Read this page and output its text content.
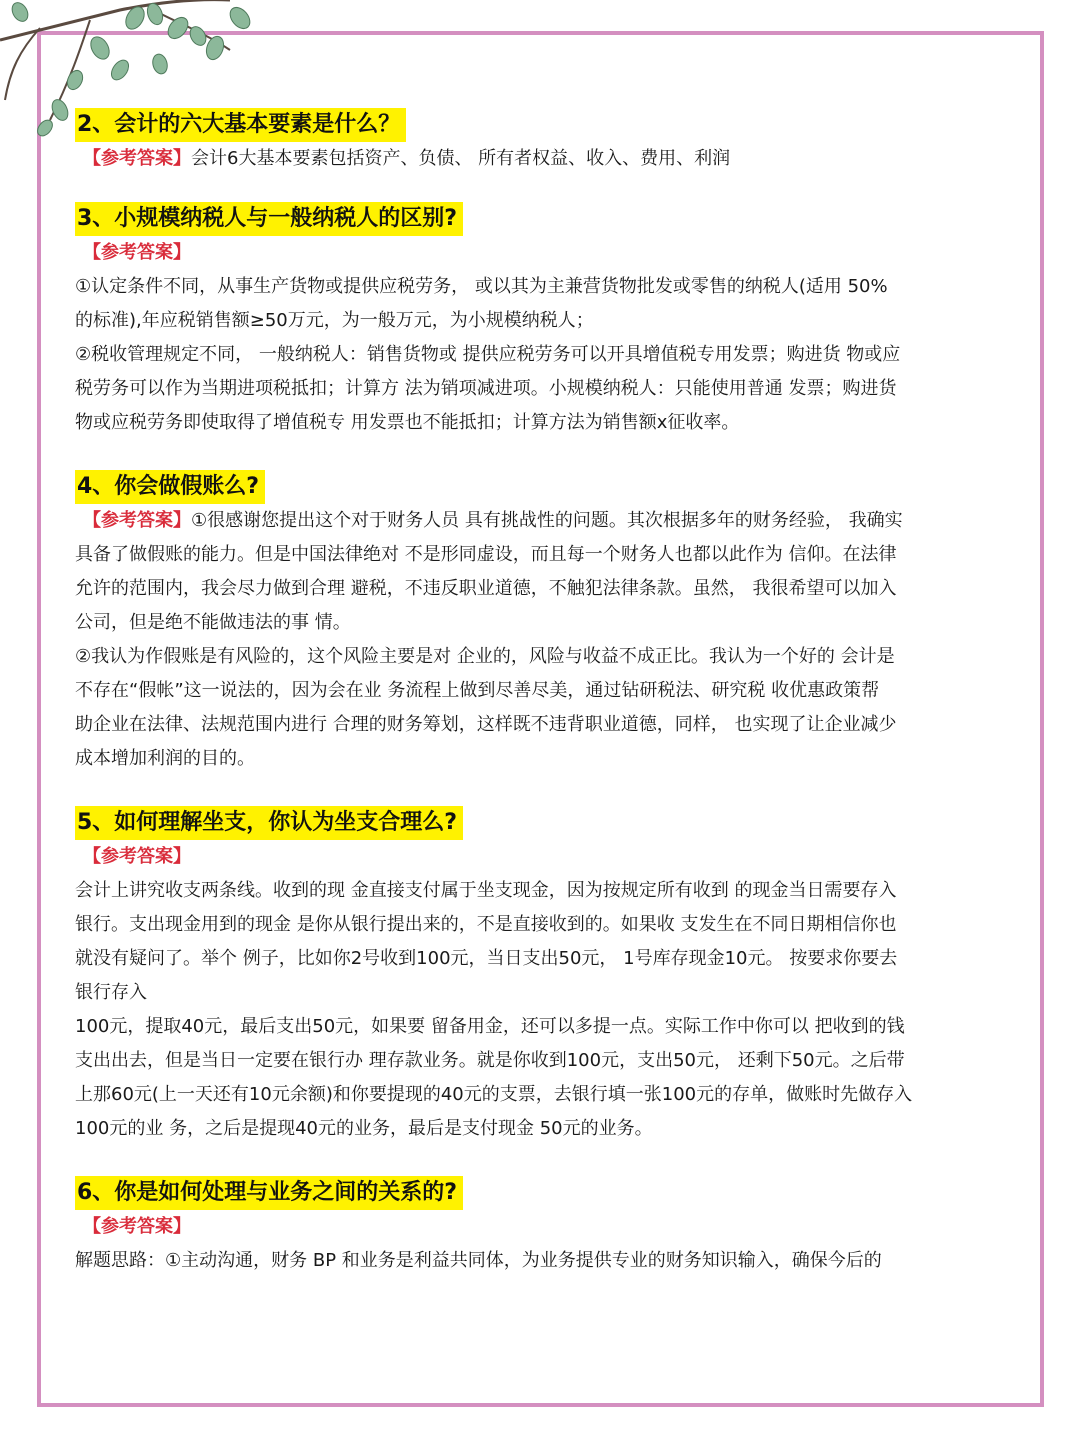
2、会计的六大基本要素是什么？

【参考答案】会计6大基本要素包括资产、负债、 所有者权益、收入、费用、利润

3、小规模纳税人与一般纳税人的区别?

【参考答案】

①认定条件不同，从事生产货物或提供应税劳务， 或以其为主兼营货物批发或零售的纳税人(适用 50%

的标准),年应税销售额≥50万元，为一般万元，为小规模纳税人；

②税收管理规定不同， 一般纳税人：销售货物或 提供应税劳务可以开具增值税专用发票；购进货 物或应

税劳务可以作为当期进项税抵扣；计算方 法为销项减进项。小规模纳税人：只能使用普通 发票；购进货

物或应税劳务即使取得了增值税专 用发票也不能抵扣；计算方法为销售额x征收率。

4、你会做假账么?

【参考答案】①很感谢您提出这个对于财务人员 具有挑战性的问题。其次根据多年的财务经验， 我确实

具备了做假账的能力。但是中国法律绝对 不是形同虚设，而且每一个财务人也都以此作为 信仰。在法律

允许的范围内，我会尽力做到合理 避税，不违反职业道德，不触犯法律条款。虽然， 我很希望可以加入

公司，但是绝不能做违法的事 情。

②我认为作假账是有风险的，这个风险主要是对 企业的，风险与收益不成正比。我认为一个好的 会计是

不存在“假帐”这一说法的，因为会在业 务流程上做到尽善尽美，通过钻研税法、研究税 收优惠政策帮

助企业在法律、法规范围内进行 合理的财务筹划，这样既不违背职业道德，同样， 也实现了让企业减少

成本增加利润的目的。

5、如何理解坐支，你认为坐支合理么?

【参考答案】

会计上讲究收支两条线。收到的现 金直接支付属于坐支现金，因为按规定所有收到 的现金当日需要存入

银行。支出现金用到的现金 是你从银行提出来的，不是直接收到的。如果收 支发生在不同日期相信你也

就没有疑问了。举个 例子，比如你2号收到100元，当日支出50元， 1号库存现金10元。 按要求你要去

银行存入

100元，提取40元，最后支出50元，如果要 留备用金，还可以多提一点。实际工作中你可以 把收到的钱

支出出去，但是当日一定要在银行办 理存款业务。就是你收到100元，支出50元， 还剩下50元。之后带

上那60元(上一天还有10元余额)和你要提现的40元的支票，去银行填一张100元的存单，做账时先做存入

100元的业 务，之后是提现40元的业务，最后是支付现金 50元的业务。

6、你是如何处理与业务之间的关系的?

【参考答案】

解题思路：①主动沟通，财务 BP 和业务是利益共同体，为业务提供专业的财务知识输入，确保今后的
